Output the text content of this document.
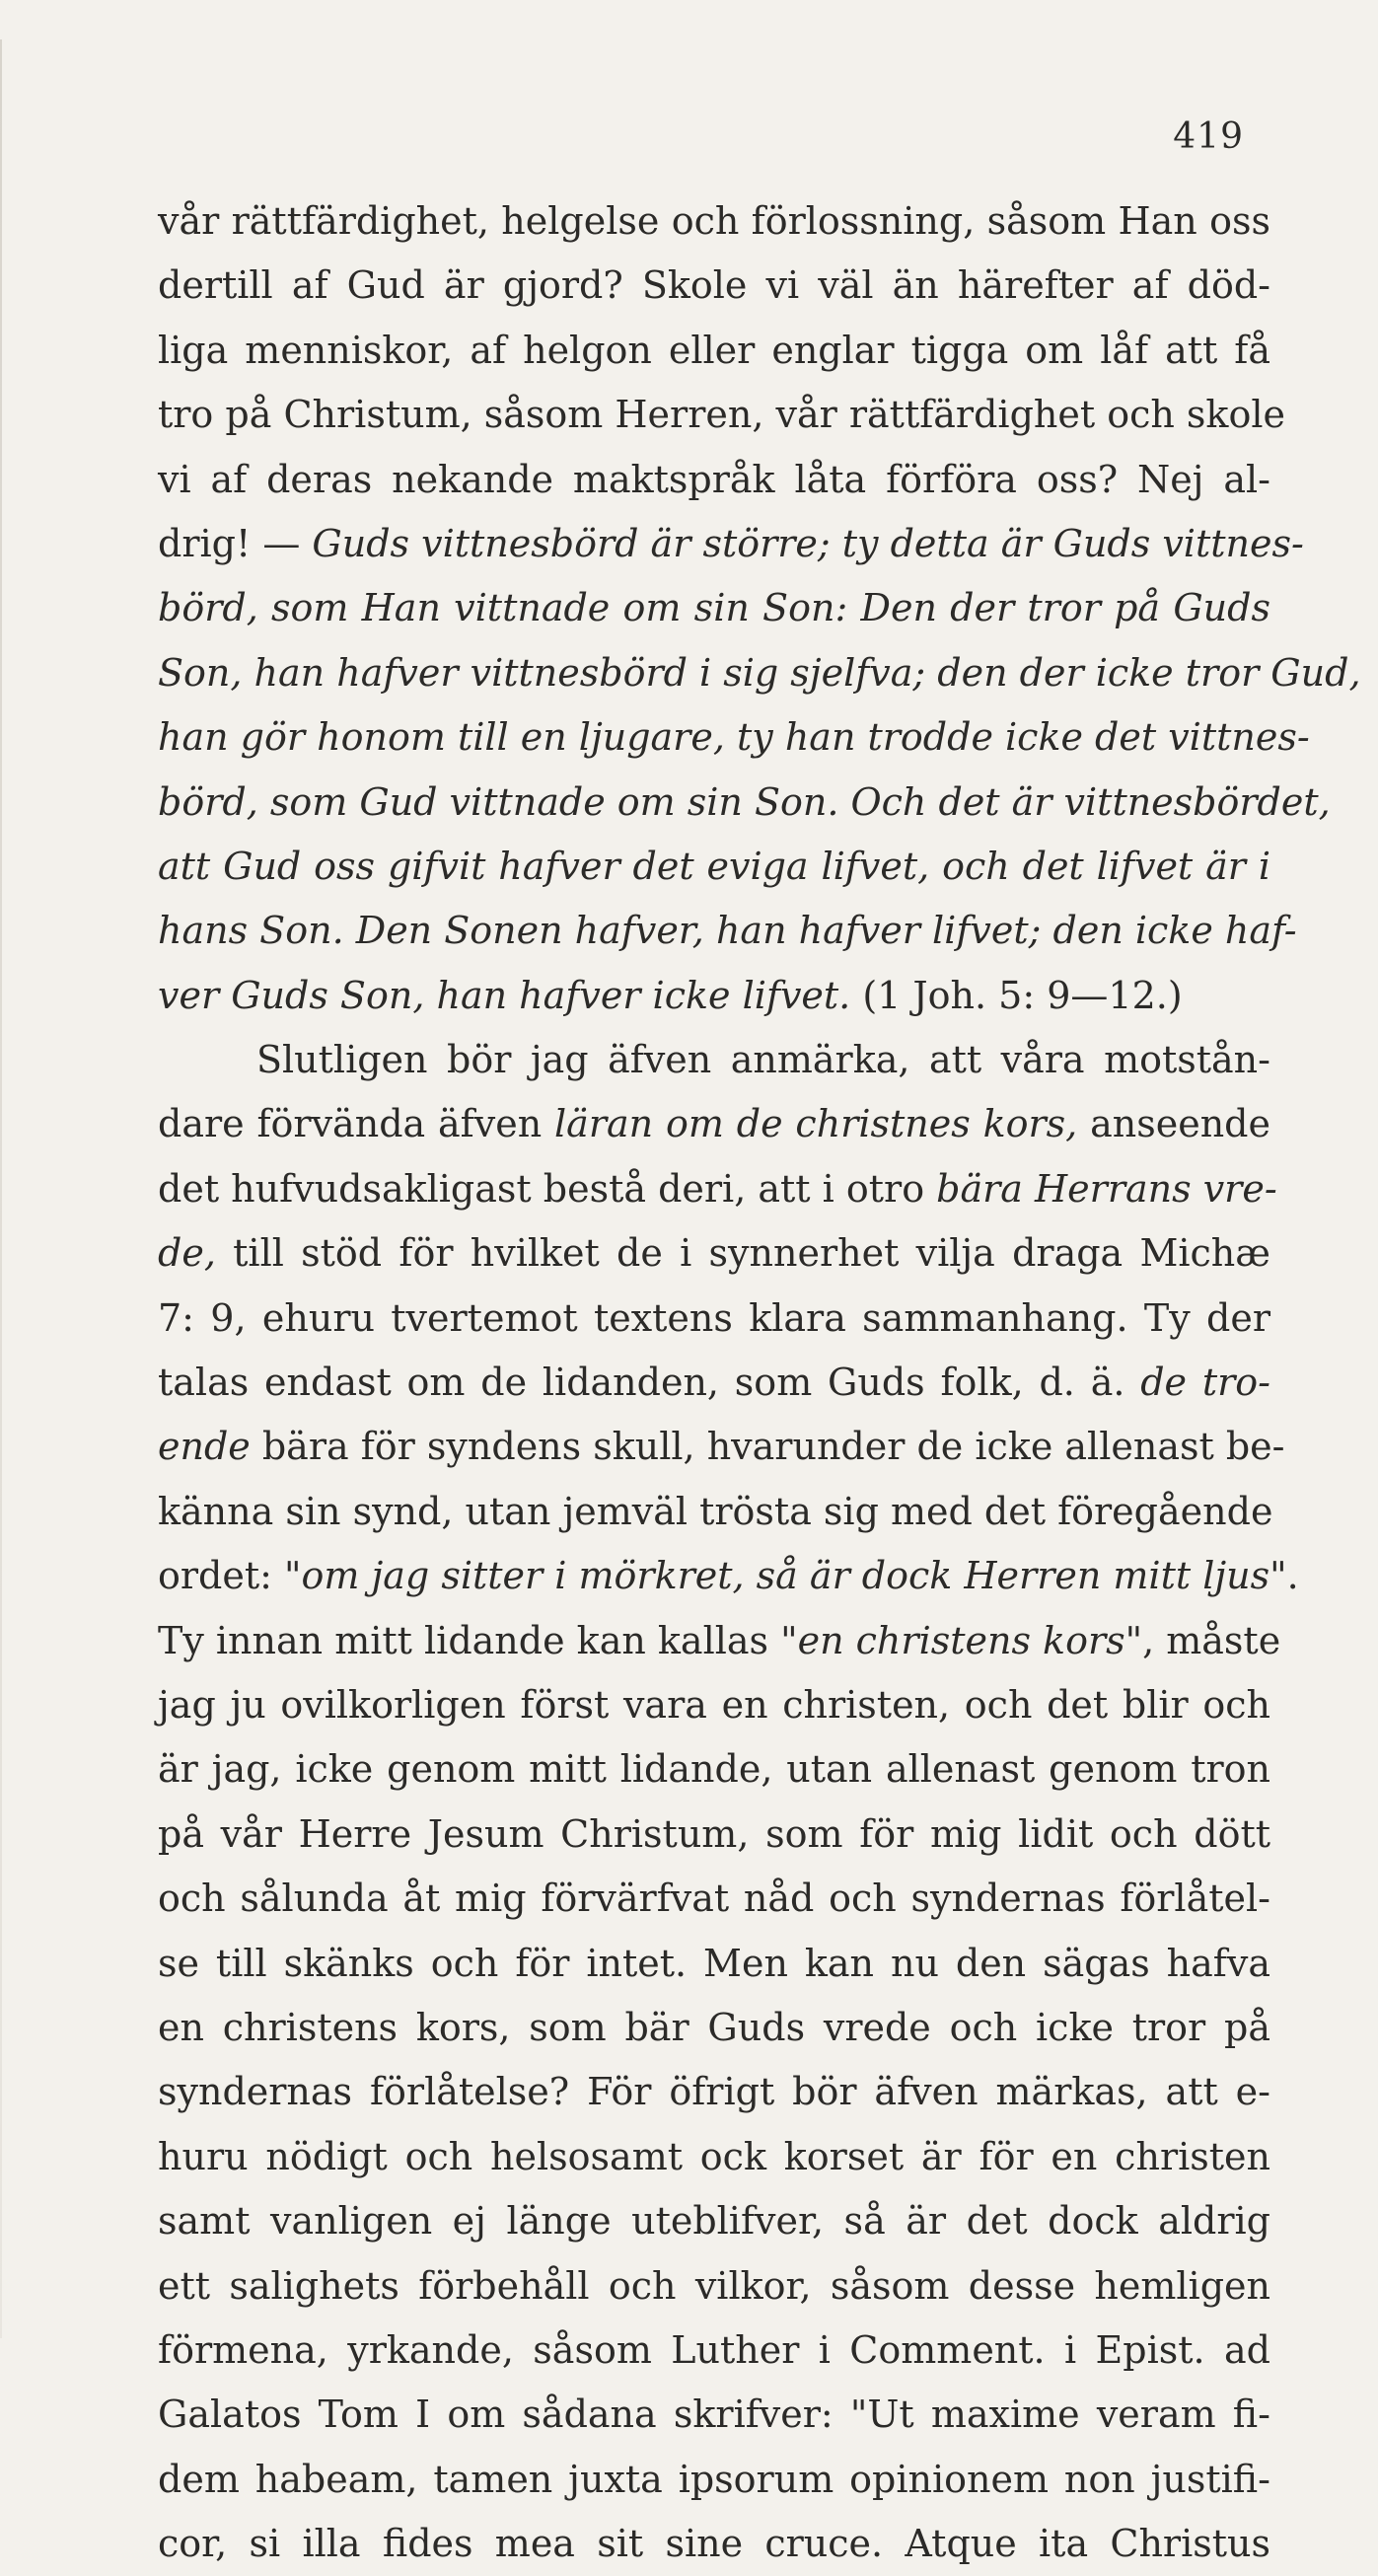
419
vår rättfärdighet, helgelse och förlossning, såsom Han oss
dertill af Gud är gjord? Skole vi väl än härefter af död-
liga menniskor, af helgon eller englar tigga om låf att få
tro på Christum, såsom Herren, vår rättfärdighet och skole
vi af deras nekande maktspråk låta förföra oss? Nej al-
drig! — Guds vittnesbörd är större; ty detta är Guds vittnes-
börd, som Han vittnade om sin Son: Den der tror på Guds
Son, han hafver vittnesbörd i sig sjelfva; den der icke tror Gud,
han gör honom till en ljugare, ty han trodde icke det vittnes-
börd, som Gud vittnade om sin Son. Och det är vittnesbördet,
att Gud oss gifvit hafver det eviga lifvet, och det lifvet är i
hans Son. Den Sonen hafver, han hafver lifvet; den icke haf-
ver Guds Son, han hafver icke lifvet. (1 Joh. 5: 9—12.)
Slutligen bör jag äfven anmärka, att våra motstån-
dare förvända äfven läran om de christnes kors, anseende
det hufvudsakligast bestå deri, att i otro bära Herrans vre-
de, till stöd för hvilket de i synnerhet vilja draga Michæ
7: 9, ehuru tvertemot textens klara sammanhang. Ty der
talas endast om de lidanden, som Guds folk, d. ä. de tro-
ende bära för syndens skull, hvarunder de icke allenast be-
känna sin synd, utan jemväl trösta sig med det föregående
ordet: "om jag sitter i mörkret, så är dock Herren mitt ljus".
Ty innan mitt lidande kan kallas "en christens kors", måste
jag ju ovilkorligen först vara en christen, och det blir och
är jag, icke genom mitt lidande, utan allenast genom tron
på vår Herre Jesum Christum, som för mig lidit och dött
och sålunda åt mig förvärfvat nåd och syndernas förlåtel-
se till skänks och för intet. Men kan nu den sägas hafva
en christens kors, som bär Guds vrede och icke tror på
syndernas förlåtelse? För öfrigt bör äfven märkas, att e-
huru nödigt och helsosamt ock korset är för en christen
samt vanligen ej länge uteblifver, så är det dock aldrig
ett salighets förbehåll och vilkor, såsom desse hemligen
förmena, yrkande, såsom Luther i Comment. i Epist. ad
Galatos Tom I om sådana skrifver: "Ut maxime veram fi-
dem habeam, tamen juxta ipsorum opinionem non justifi-
cor, si illa fides mea sit sine cruce. Atque ita Christus
